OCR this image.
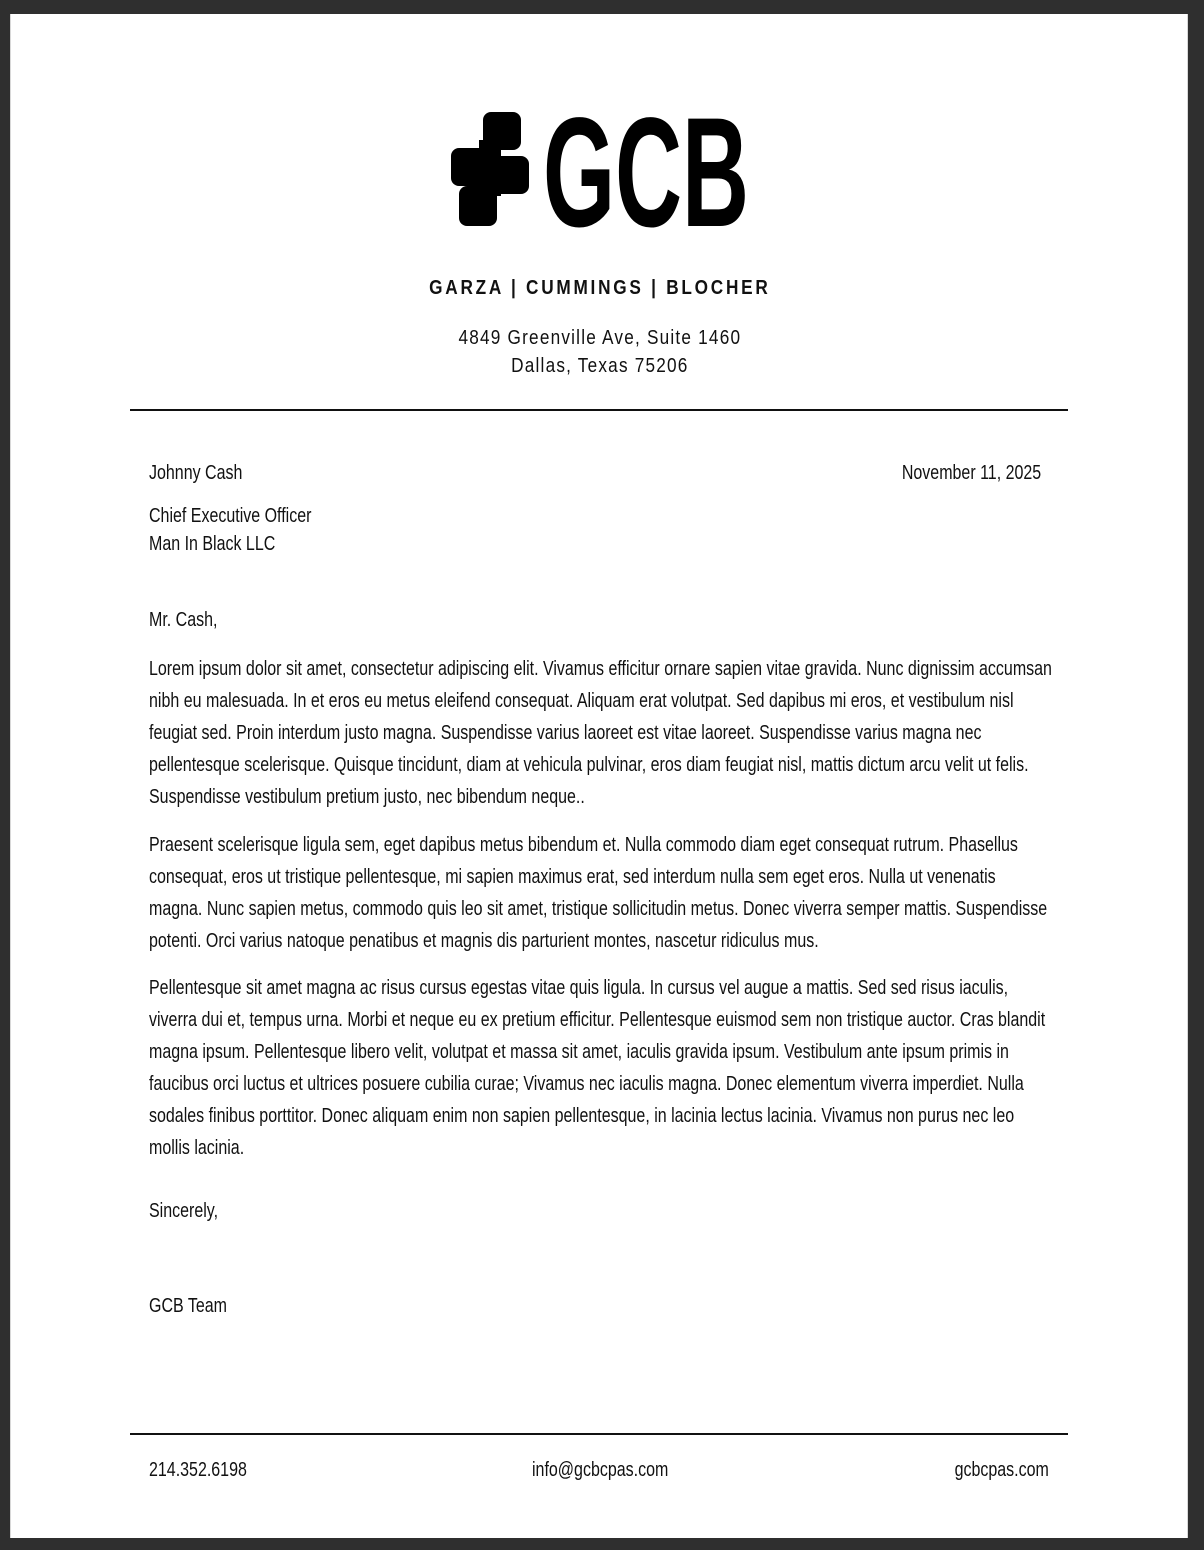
GCB
GARZA | CUMMINGS | BLOCHER
4849 Greenville Ave, Suite 1460
Dallas, Texas 75206
Johnny Cash	November 11, 2025
Chief Executive Officer
Man In Black LLC
Mr. Cash,

Lorem ipsum dolor sit amet, consectetur adipiscing elit. Vivamus efficitur ornare sapien vitae gravida. Nunc dignissim accumsan nibh eu malesuada. In et eros eu metus eleifend consequat. Aliquam erat volutpat. Sed dapibus mi eros, et vestibulum nisl feugiat sed. Proin interdum justo magna. Suspendisse varius laoreet est vitae laoreet. Suspendisse varius magna nec pellentesque scelerisque. Quisque tincidunt, diam at vehicula pulvinar, eros diam feugiat nisl, mattis dictum arcu velit ut felis. Suspendisse vestibulum pretium justo, nec bibendum neque..

Praesent scelerisque ligula sem, eget dapibus metus bibendum et. Nulla commodo diam eget consequat rutrum. Phasellus consequat, eros ut tristique pellentesque, mi sapien maximus erat, sed interdum nulla sem eget eros. Nulla ut venenatis magna. Nunc sapien metus, commodo quis leo sit amet, tristique sollicitudin metus. Donec viverra semper mattis. Suspendisse potenti. Orci varius natoque penatibus et magnis dis parturient montes, nascetur ridiculus mus.

Pellentesque sit amet magna ac risus cursus egestas vitae quis ligula. In cursus vel augue a mattis. Sed sed risus iaculis, viverra dui et, tempus urna. Morbi et neque eu ex pretium efficitur. Pellentesque euismod sem non tristique auctor. Cras blandit magna ipsum. Pellentesque libero velit, volutpat et massa sit amet, iaculis gravida ipsum. Vestibulum ante ipsum primis in faucibus orci luctus et ultrices posuere cubilia curae; Vivamus nec iaculis magna. Donec elementum viverra imperdiet. Nulla sodales finibus porttitor. Donec aliquam enim non sapien pellentesque, in lacinia lectus lacinia. Vivamus non purus nec leo mollis lacinia.

Sincerely,
GCB Team
214.352.6198	info@gcbcpas.com	gcbcpas.com
